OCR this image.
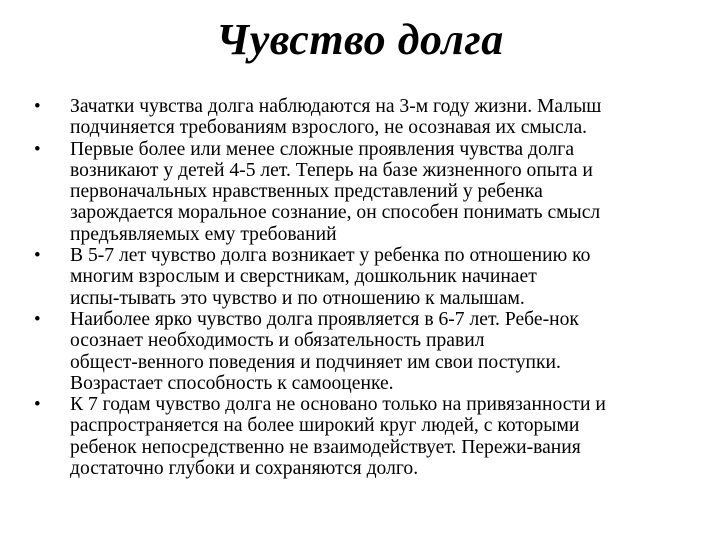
Чувство долга
• Зачатки чувства долга наблюдаются на 3-м году жизни. Малыш
подчиняется требованиям взрослого, не осознавая их смысла.
• Первые более или менее сложные проявления чувства долга
возникают у детей 4-5 лет. Теперь на базе жизненного опыта и
первоначальных нравственных представлений у ребенка
зарождается моральное сознание, он способен понимать смысл
предъявляемых ему требований
• В 5-7 лет чувство долга возникает у ребенка по отношению ко
многим взрослым и сверстникам, дошкольник начинает
испы-тывать это чувство и по отношению к малышам.
• Наиболее ярко чувство долга проявляется в 6-7 лет. Ребе-нок
осознает необходимость и обязательность правил
общест-венного поведения и подчиняет им свои поступки.
Возрастает способность к самооценке.
• К 7 годам чувство долга не основано только на привязанности и
распространяется на более широкий круг людей, с которыми
ребенок непосредственно не взаимодействует. Пережи-вания
достаточно глубоки и сохраняются долго.
